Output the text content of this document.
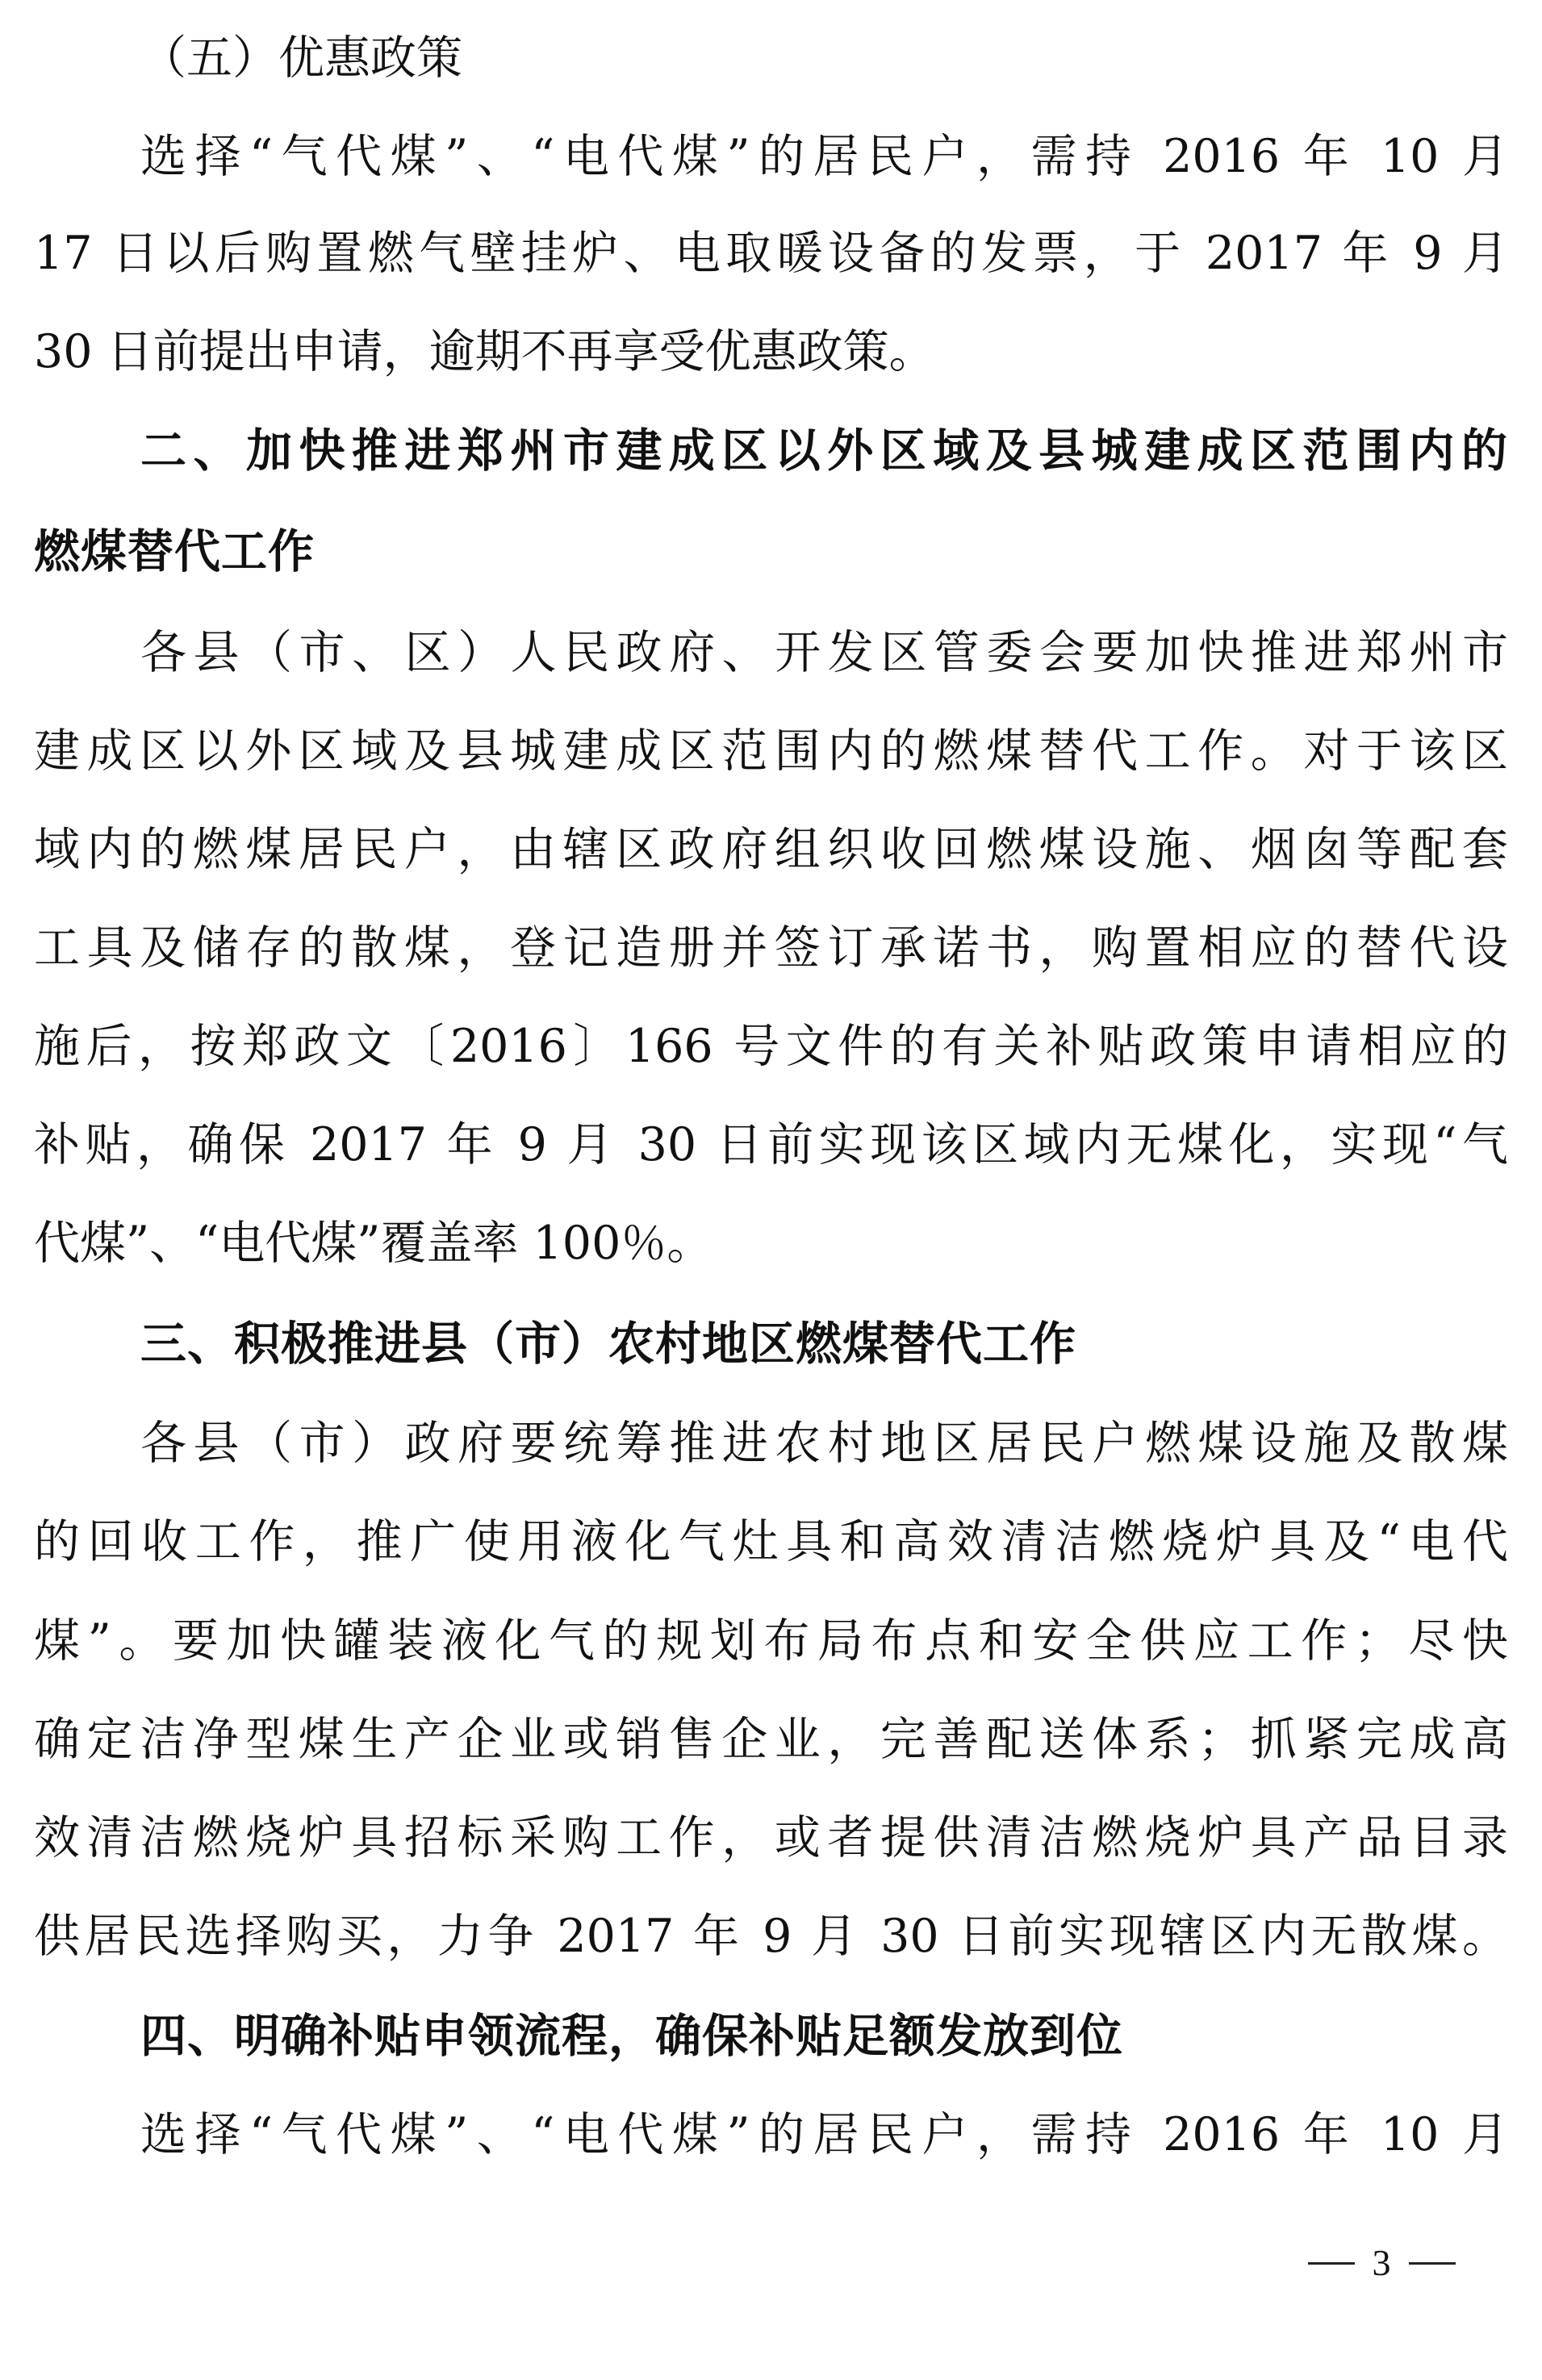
（五）优惠政策
选择“气代煤”、“电代煤”的居民户，需持 2016 年 10 月
17 日以后购置燃气壁挂炉、电取暖设备的发票，于 2017 年 9 月
30 日前提出申请，逾期不再享受优惠政策。
二、加快推进郑州市建成区以外区域及县城建成区范围内的
燃煤替代工作
各县（市、区）人民政府、开发区管委会要加快推进郑州市
建成区以外区域及县城建成区范围内的燃煤替代工作。对于该区
域内的燃煤居民户，由辖区政府组织收回燃煤设施、烟囱等配套
工具及储存的散煤，登记造册并签订承诺书，购置相应的替代设
施后，按郑政文〔2016〕166 号文件的有关补贴政策申请相应的
补贴，确保 2017 年 9 月 30 日前实现该区域内无煤化，实现“气
代煤”、“电代煤”覆盖率 100％。
三、积极推进县（市）农村地区燃煤替代工作
各县（市）政府要统筹推进农村地区居民户燃煤设施及散煤
的回收工作，推广使用液化气灶具和高效清洁燃烧炉具及“电代
煤”。要加快罐装液化气的规划布局布点和安全供应工作；尽快
确定洁净型煤生产企业或销售企业，完善配送体系；抓紧完成高
效清洁燃烧炉具招标采购工作，或者提供清洁燃烧炉具产品目录
供居民选择购买，力争 2017 年 9 月 30 日前实现辖区内无散煤。
四、明确补贴申领流程，确保补贴足额发放到位
选择“气代煤”、“电代煤”的居民户，需持 2016 年 10 月
3
